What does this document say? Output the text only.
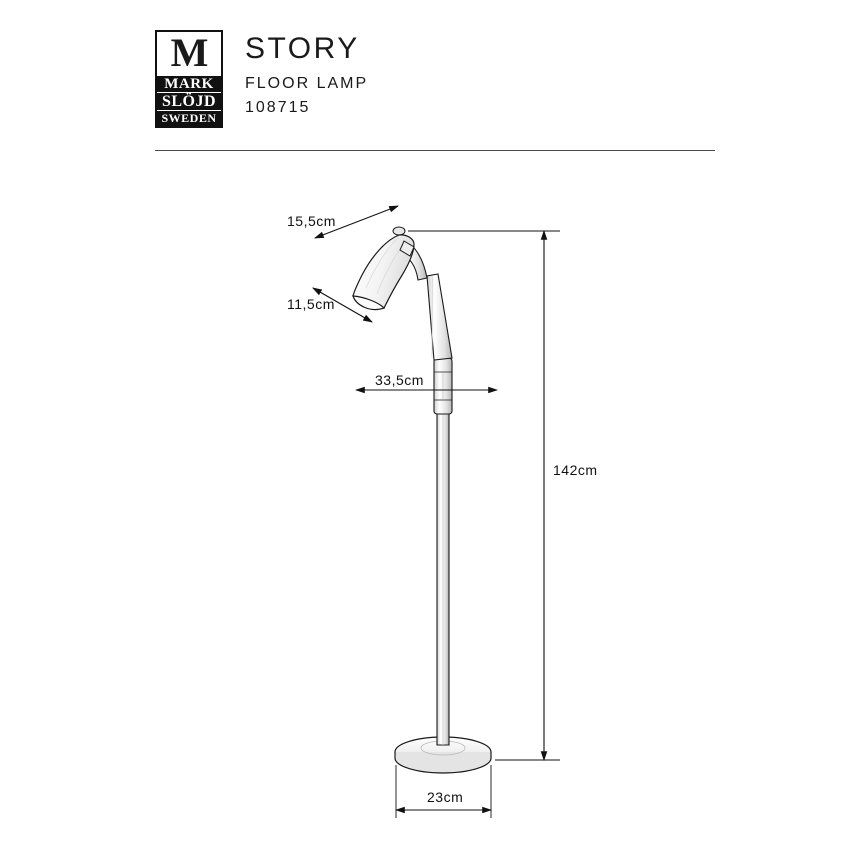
M
MARK
SLÖJD
SWEDEN
STORY
FLOOR LAMP
108715
15,5cm
11,5cm
33,5cm
142cm
23cm
